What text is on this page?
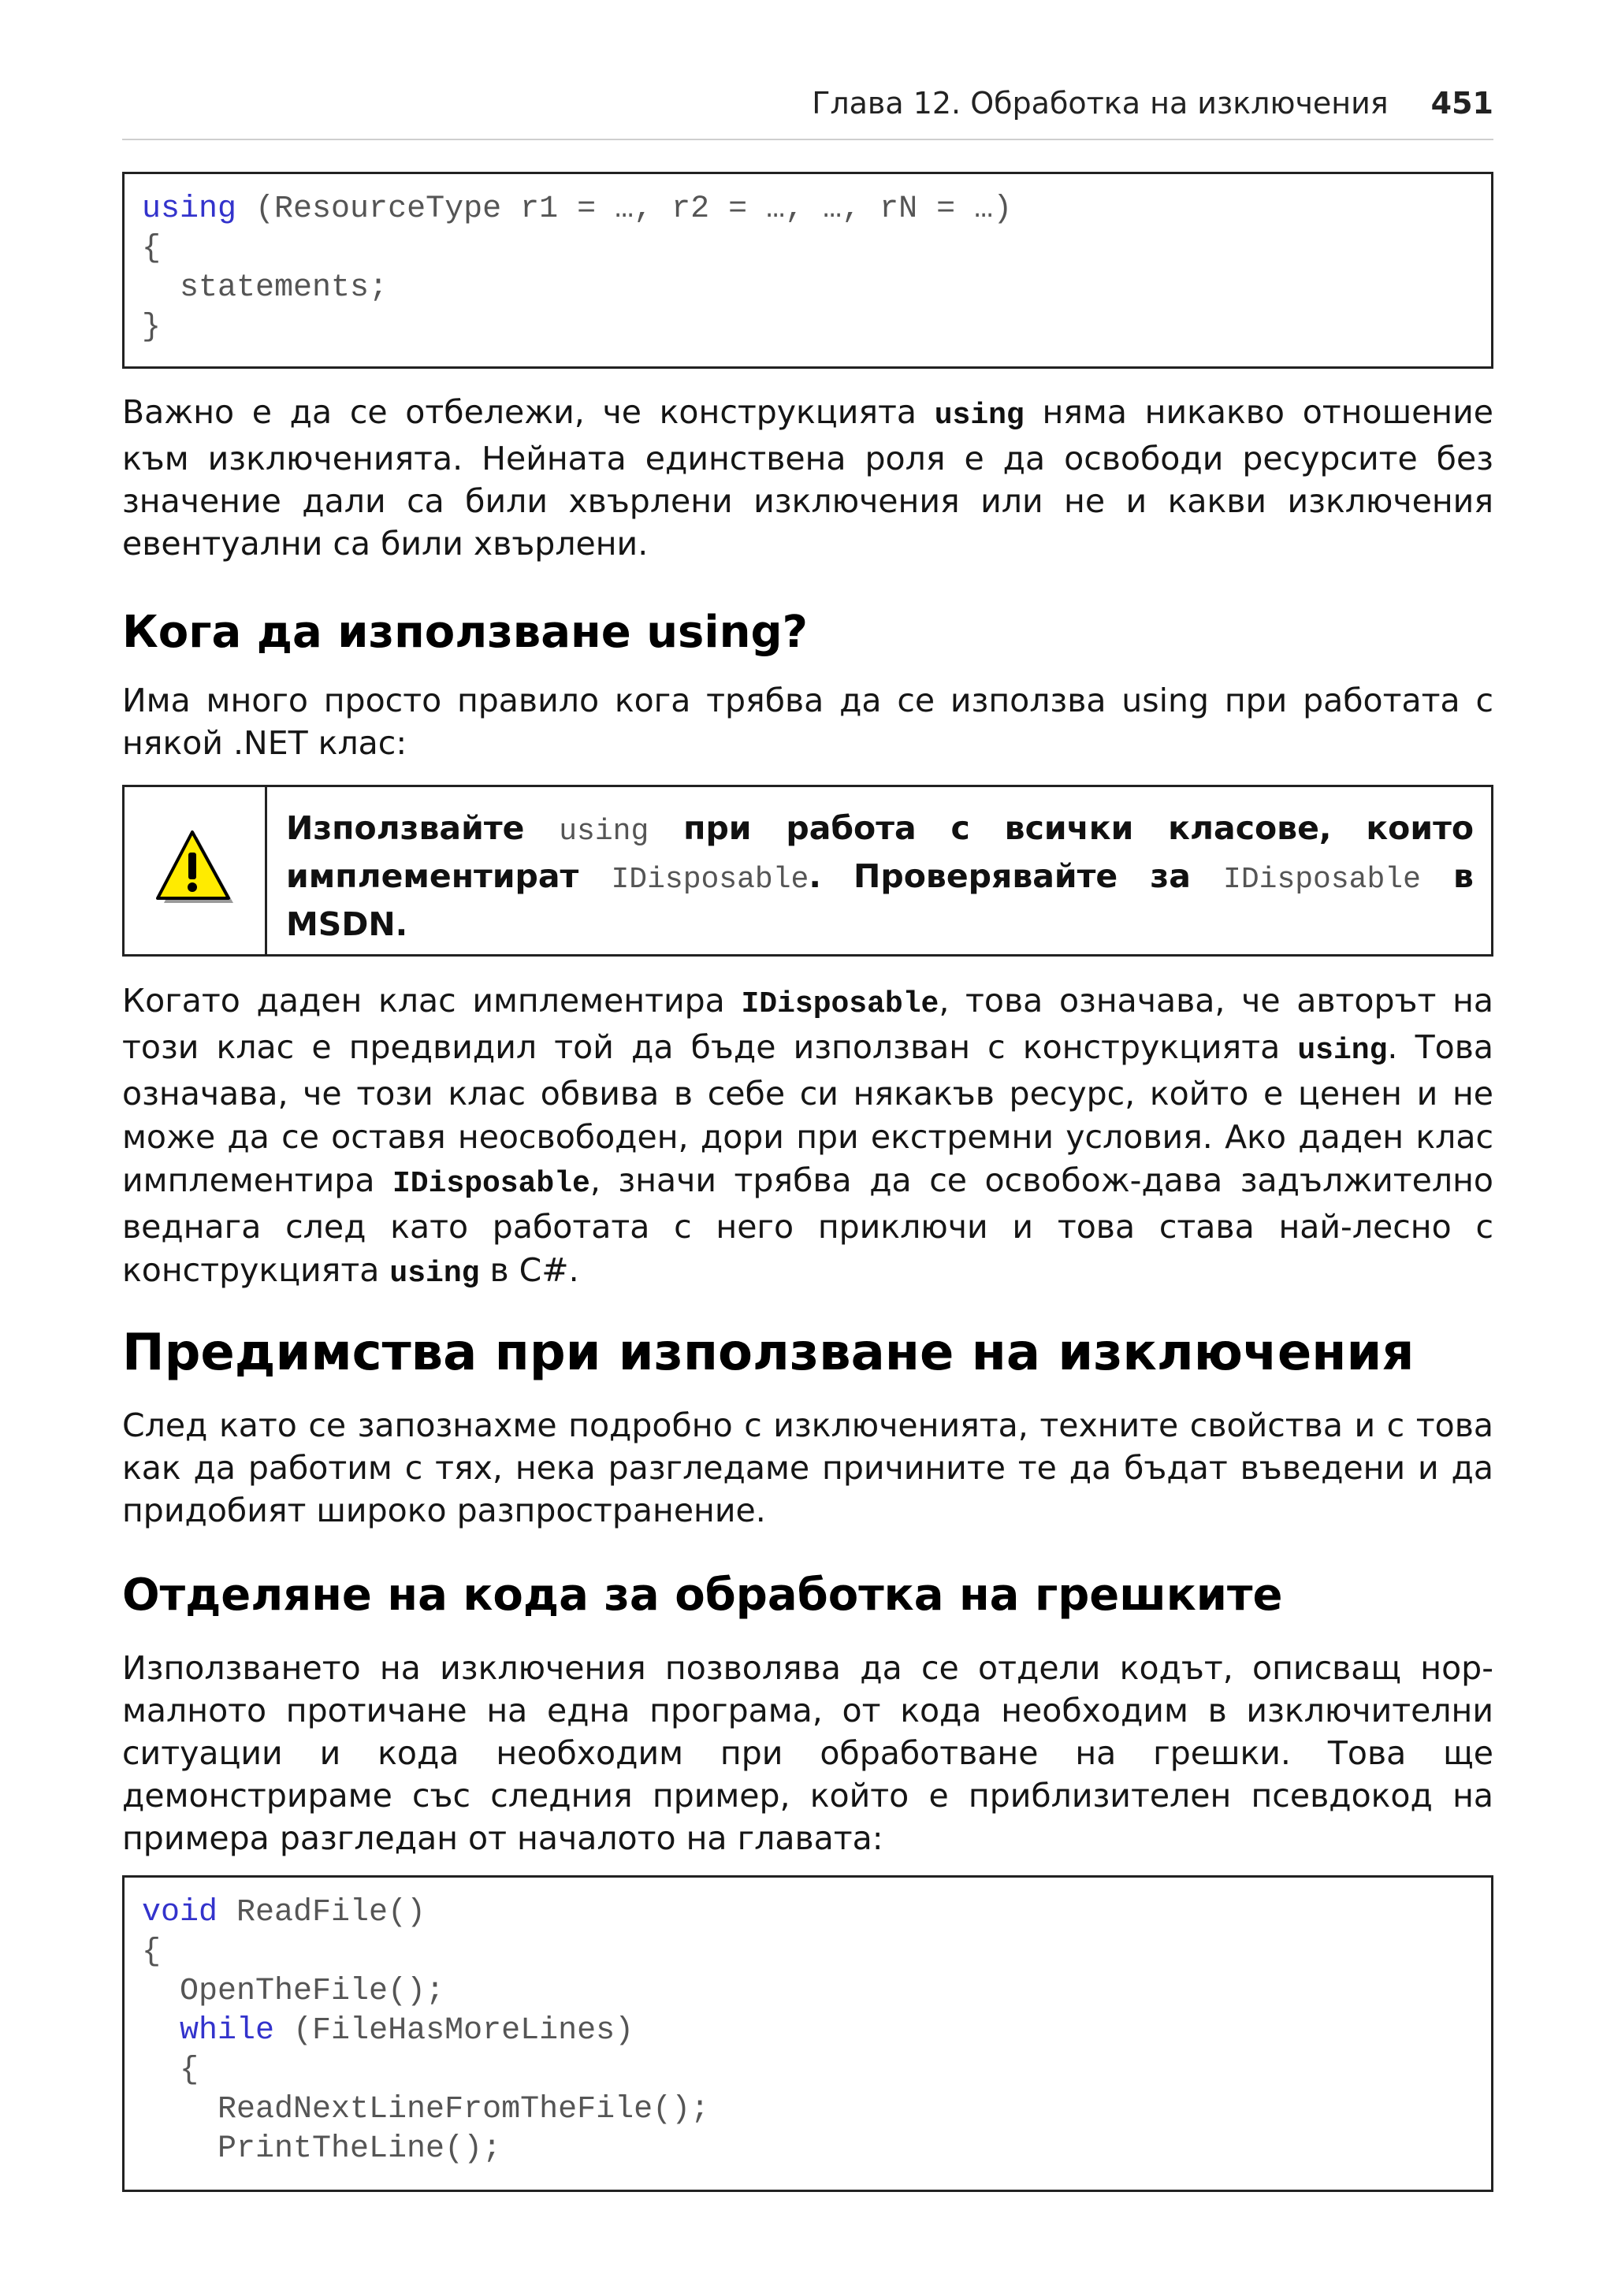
Глава 12. Обработка на изключения 451
using (ResourceType r1 = …, r2 = …, …, rN = …)
{
statements;
}
Важно е да се отбележи, че конструкцията using няма никакво отношение към изключенията. Нейната единствена роля е да освободи ресурсите без значение дали са били хвърлени изключения или не и какви изключения евентуални са били хвърлени.
Кога да използване using?
Има много просто правило кога трябва да се използва using при работата с някой .NET клас:
Използвайте using при работа с всички класове, които имплементират IDisposable. Проверявайте за IDisposable в MSDN.
Когато даден клас имплементира IDisposable, това означава, че авторът на този клас е предвидил той да бъде използван с конструкцията using. Това означава, че този клас обвива в себе си някакъв ресурс, който е ценен и не може да се оставя неосвободен, дори при екстремни условия. Ако даден клас имплементира IDisposable, значи трябва да се освобож-дава задължително веднага след като работата с него приключи и това става най-лесно с конструкцията using в C#.
Предимства при използване на изключения
След като се запознахме подробно с изключенията, техните свойства и с това как да работим с тях, нека разгледаме причините те да бъдат въведени и да придобият широко разпространение.
Отделяне на кода за обработка на грешките
Използването на изключения позволява да се отдели кодът, описващ нор-малното протичане на една програма, от кода необходим в изключителни ситуации и кода необходим при обработване на грешки. Това ще демонстрираме със следния пример, който е приблизителен псевдокод на примера разгледан от началото на главата:
void ReadFile()
{
OpenTheFile();
while (FileHasMoreLines)
{
ReadNextLineFromTheFile();
PrintTheLine();
